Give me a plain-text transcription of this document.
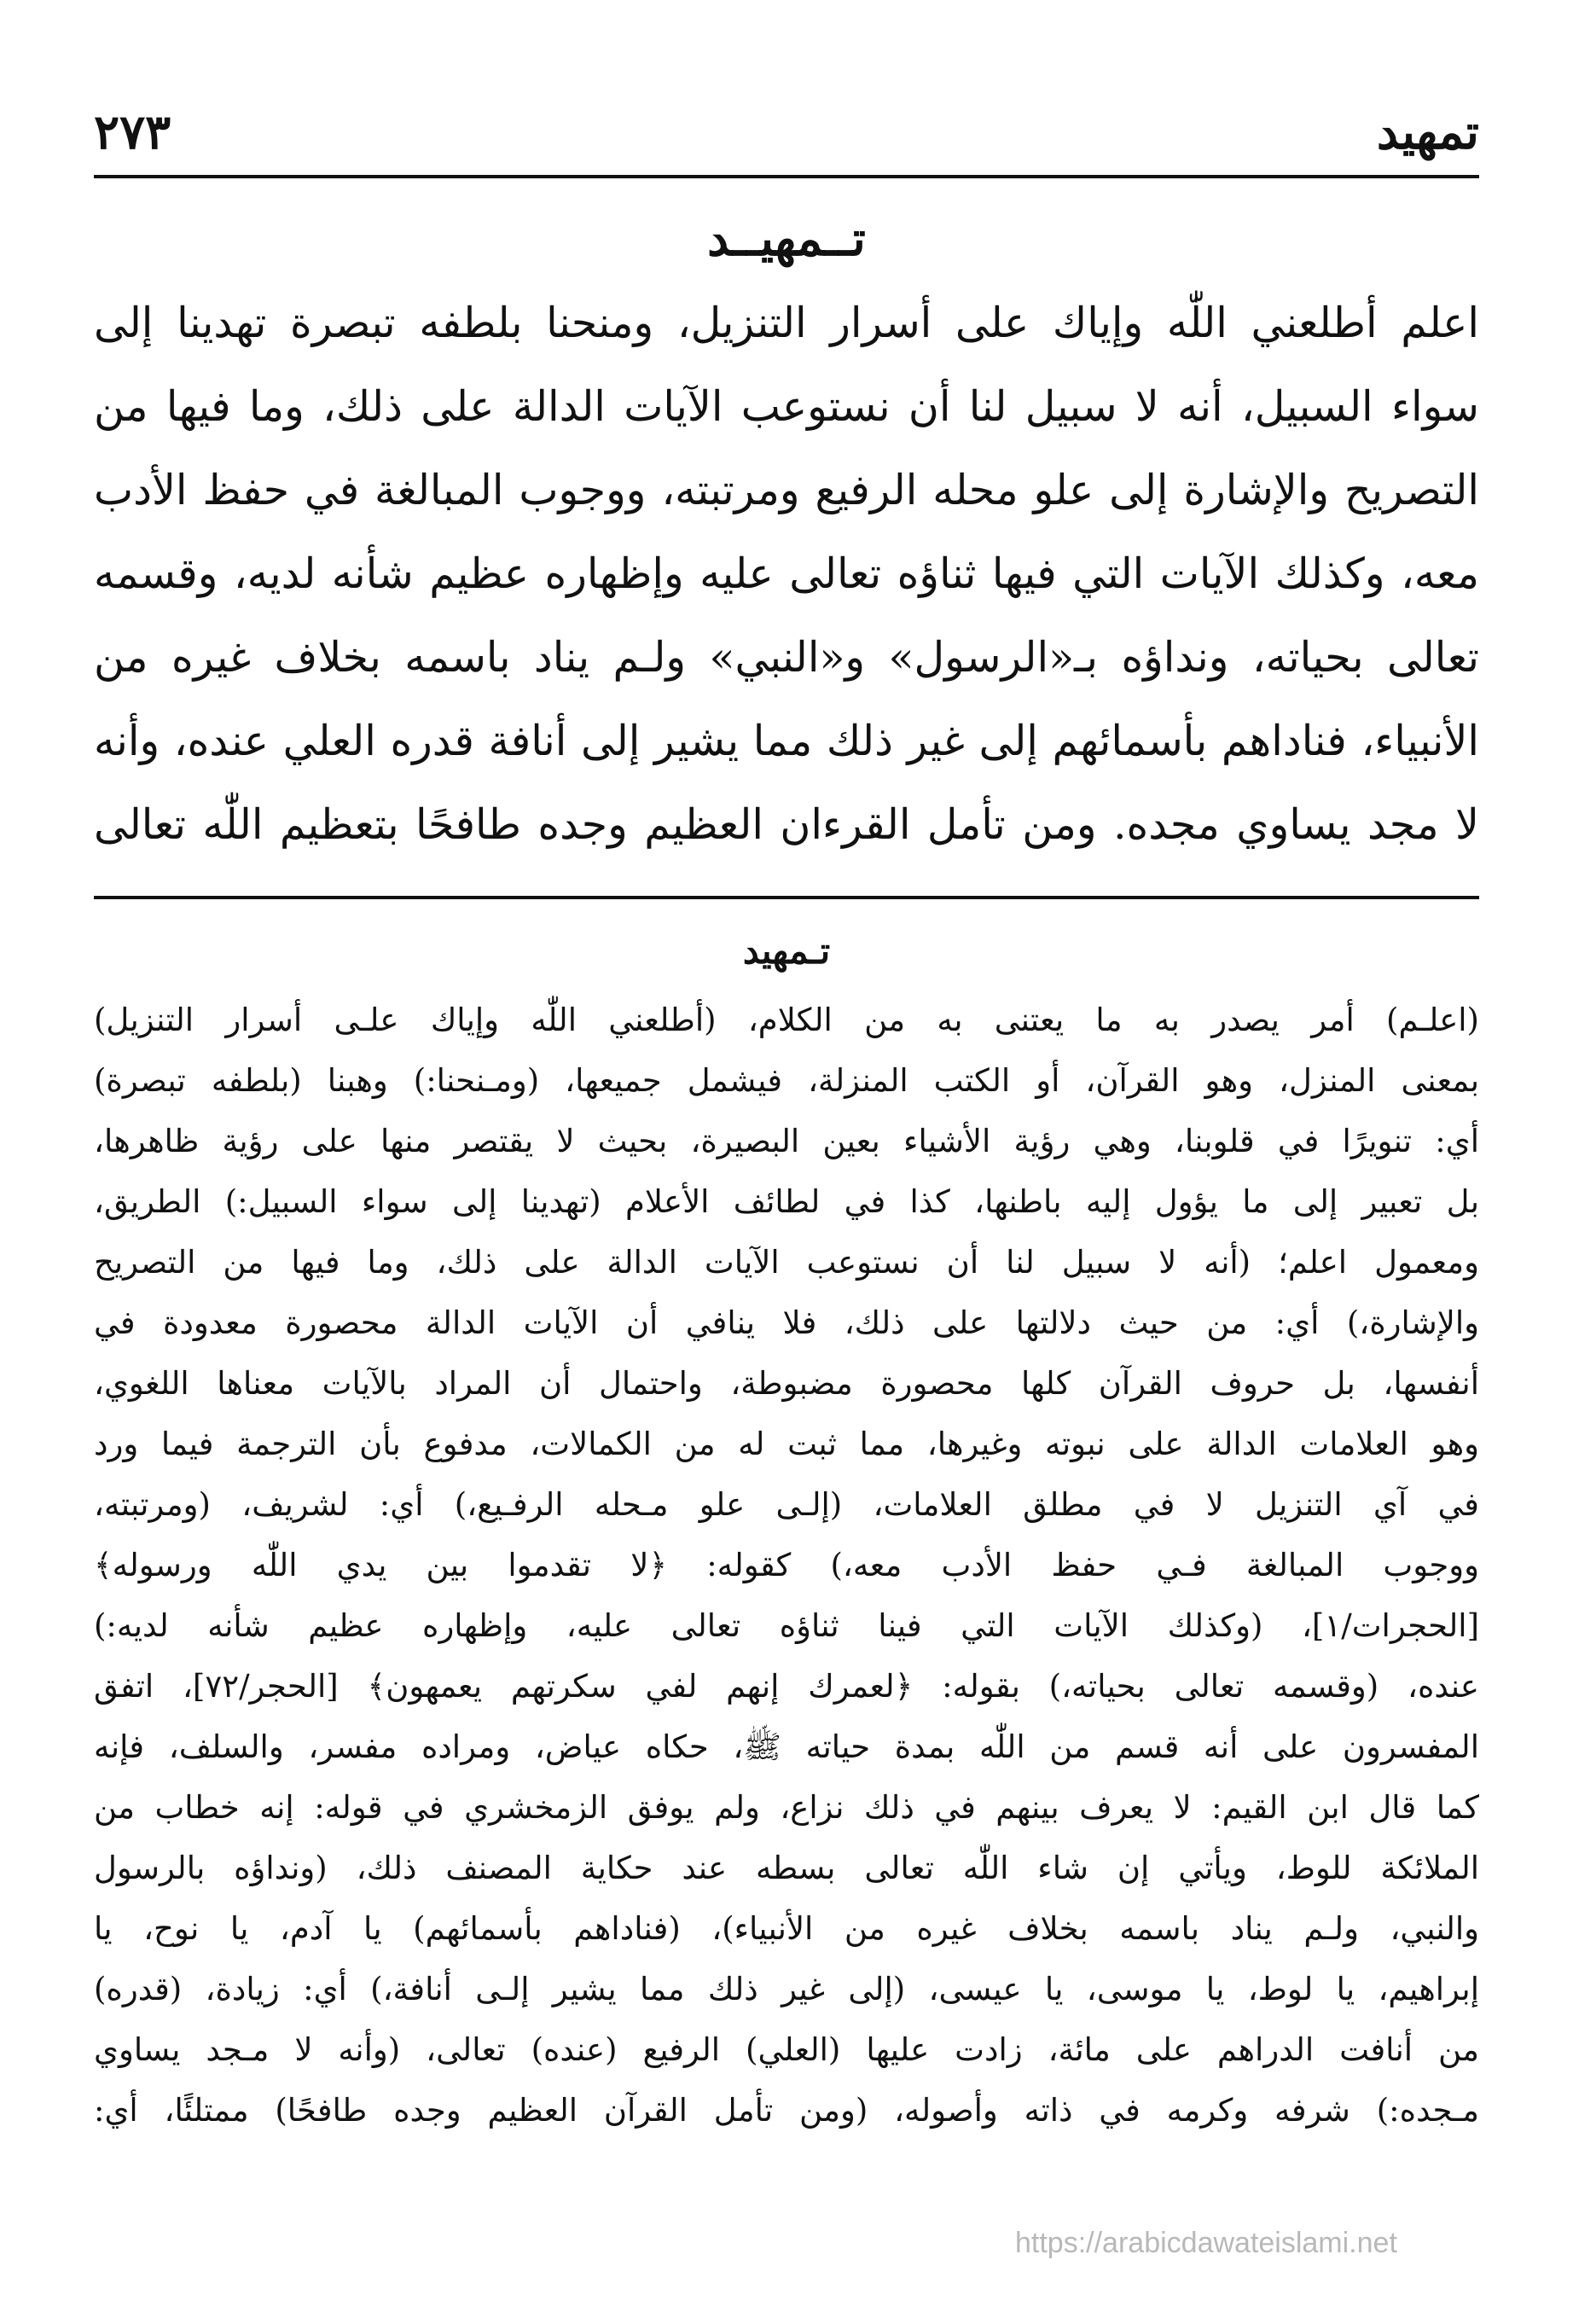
تمهيد
٢٧٣
تــمهيــد
اعلم أطلعني اللّٰه وإياك على أسرار التنزيل، ومنحنا بلطفه تبصرة تهدينا إلى
سواء السبيل، أنه لا سبيل لنا أن نستوعب الآيات الدالة على ذلك، وما فيها من
التصريح والإشارة إلى علو محله الرفيع ومرتبته، ووجوب المبالغة في حفظ الأدب
معه، وكذلك الآيات التي فيها ثناؤه تعالى عليه وإظهاره عظيم شأنه لديه، وقسمه
تعالى بحياته، ونداؤه بـ«الرسول» و«النبي» ولـم يناد باسمه بخلاف غيره من
الأنبياء، فناداهم بأسمائهم إلى غير ذلك مما يشير إلى أنافة قدره العلي عنده، وأنه
لا مجد يساوي مجده. ومن تأمل القرءان العظيم وجده طافحًا بتعظيم اللّٰه تعالى
تـمهيد
(اعلـم) أمر يصدر به ما يعتنى به من الكلام، (أطلعني اللّٰه وإياك علـى أسرار التنزيل)
بمعنى المنزل، وهو القرآن، أو الكتب المنزلة، فيشمل جميعها، (ومـنحنا:) وهبنا (بلطفه تبصرة)
أي: تنويرًا في قلوبنا، وهي رؤية الأشياء بعين البصيرة، بحيث لا يقتصر منها على رؤية ظاهرها،
بل تعبير إلى ما يؤول إليه باطنها، كذا في لطائف الأعلام (تهدينا إلى سواء السبيل:) الطريق،
ومعمول اعلم؛ (أنه لا سبيل لنا أن نستوعب الآيات الدالة على ذلك، وما فيها من التصريح
والإشارة،) أي: من حيث دلالتها على ذلك، فلا ينافي أن الآيات الدالة محصورة معدودة في
أنفسها، بل حروف القرآن كلها محصورة مضبوطة، واحتمال أن المراد بالآيات معناها اللغوي،
وهو العلامات الدالة على نبوته وغيرها، مما ثبت له من الكمالات، مدفوع بأن الترجمة فيما ورد
في آي التنزيل لا في مطلق العلامات، (إلـى علو مـحله الرفـيع،) أي: لشريف، (ومرتبته،
ووجوب المبالغة فـي حفظ الأدب معه،) كقوله: ﴿لا تقدموا بين يدي اللّٰه ورسوله﴾
[الحجرات/١]، (وكذلك الآيات التي فينا ثناؤه تعالى عليه، وإظهاره عظيم شأنه لديه:)
عنده، (وقسمه تعالى بحياته،) بقوله: ﴿لعمرك إنهم لفي سكرتهم يعمهون﴾ [الحجر/٧٢]، اتفق
المفسرون على أنه قسم من اللّٰه بمدة حياته ﷺ، حكاه عياض، ومراده مفسر، والسلف، فإنه
كما قال ابن القيم: لا يعرف بينهم في ذلك نزاع، ولم يوفق الزمخشري في قوله: إنه خطاب من
الملائكة للوط، ويأتي إن شاء اللّٰه تعالى بسطه عند حكاية المصنف ذلك، (ونداؤه بالرسول
والنبي، ولـم يناد باسمه بخلاف غيره من الأنبياء)، (فناداهم بأسمائهم) يا آدم، يا نوح، يا
إبراهيم، يا لوط، يا موسى، يا عيسى، (إلى غير ذلك مما يشير إلـى أنافة،) أي: زيادة، (قدره)
من أنافت الدراهم على مائة، زادت عليها (العلي) الرفيع (عنده) تعالى، (وأنه لا مـجد يساوي
مـجده:) شرفه وكرمه في ذاته وأصوله، (ومن تأمل القرآن العظيم وجده طافحًا) ممتلئًا، أي:
https://arabicdawateislami.net
